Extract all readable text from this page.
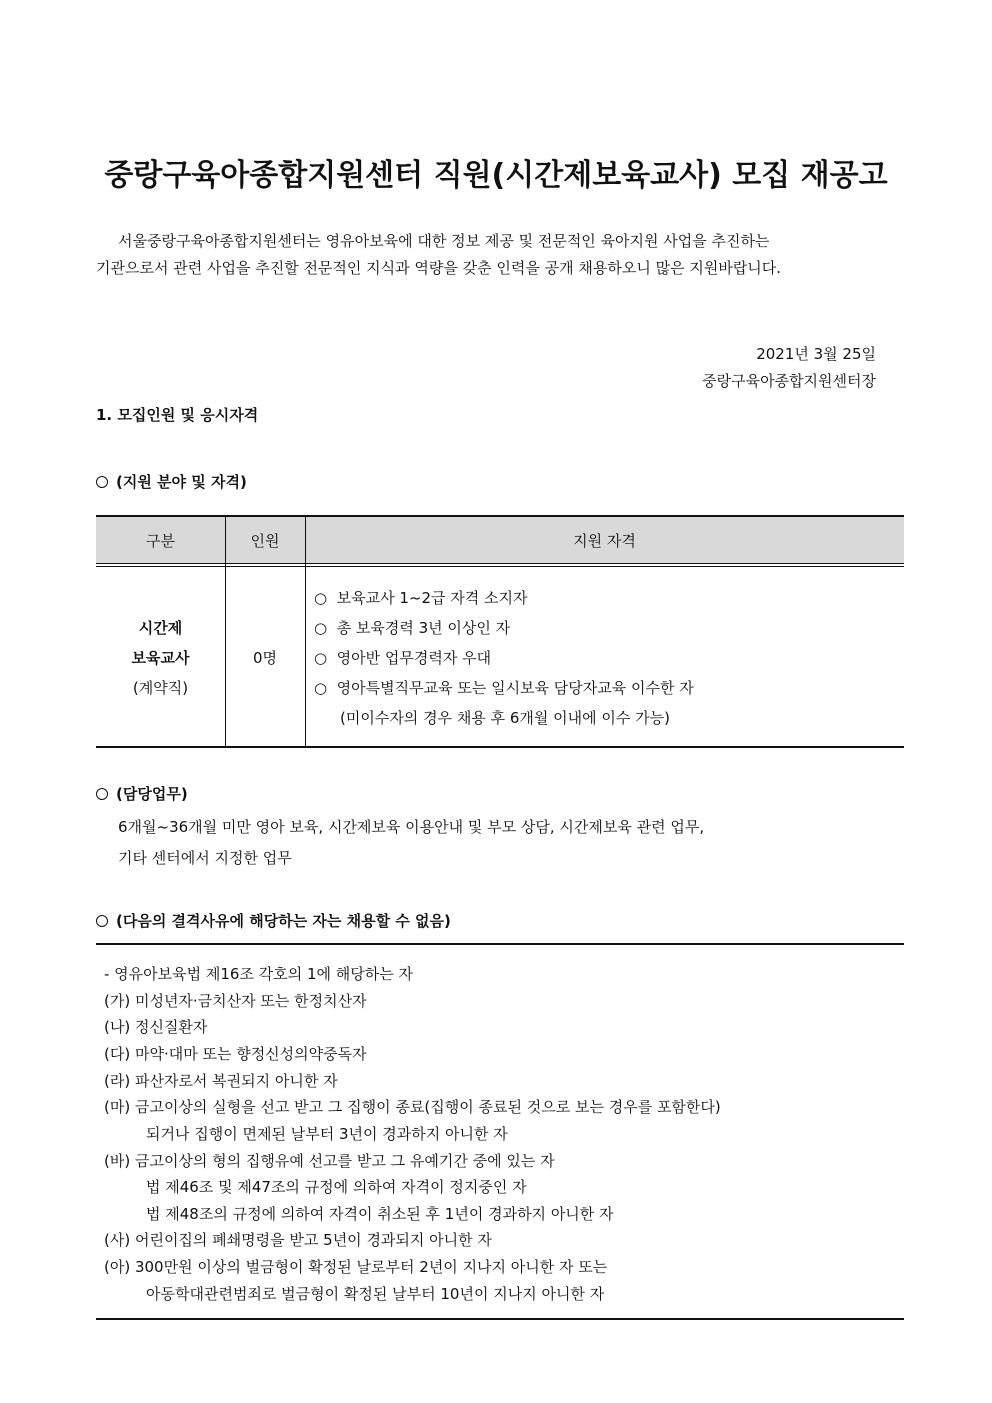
중랑구육아종합지원센터 직원(시간제보육교사) 모집 재공고
서울중랑구육아종합지원센터는 영유아보육에 대한 정보 제공 및 전문적인 육아지원 사업을 추진하는
기관으로서 관련 사업을 추진할 전문적인 지식과 역량을 갖춘 인력을 공개 채용하오니 많은 지원바랍니다.
2021년 3월 25일
중랑구육아종합지원센터장
1. 모집인원 및 응시자격
(지원 분야 및 자격)
구분	인원	지원 자격
시간제
보육교사
(계약직)
0명
○ 보육교사 1~2급 자격 소지자
○ 총 보육경력 3년 이상인 자
○ 영아반 업무경력자 우대
○ 영아특별직무교육 또는 일시보육 담당자교육 이수한 자
(미이수자의 경우 채용 후 6개월 이내에 이수 가능)
(담당업무)
6개월~36개월 미만 영아 보육, 시간제보육 이용안내 및 부모 상담, 시간제보육 관련 업무,
기타 센터에서 지정한 업무
(다음의 결격사유에 해당하는 자는 채용할 수 없음)
- 영유아보육법 제16조 각호의 1에 해당하는 자
(가) 미성년자·금치산자 또는 한정치산자
(나) 정신질환자
(다) 마약·대마 또는 향정신성의약중독자
(라) 파산자로서 복권되지 아니한 자
(마) 금고이상의 실형을 선고 받고 그 집행이 종료(집행이 종료된 것으로 보는 경우를 포함한다)
되거나 집행이 면제된 날부터 3년이 경과하지 아니한 자
(바) 금고이상의 형의 집행유예 선고를 받고 그 유예기간 중에 있는 자
법 제46조 및 제47조의 규정에 의하여 자격이 정지중인 자
법 제48조의 규정에 의하여 자격이 취소된 후 1년이 경과하지 아니한 자
(사) 어린이집의 폐쇄명령을 받고 5년이 경과되지 아니한 자
(아) 300만원 이상의 벌금형이 확정된 날로부터 2년이 지나지 아니한 자 또는
아동학대관련범죄로 벌금형이 확정된 날부터 10년이 지나지 아니한 자
